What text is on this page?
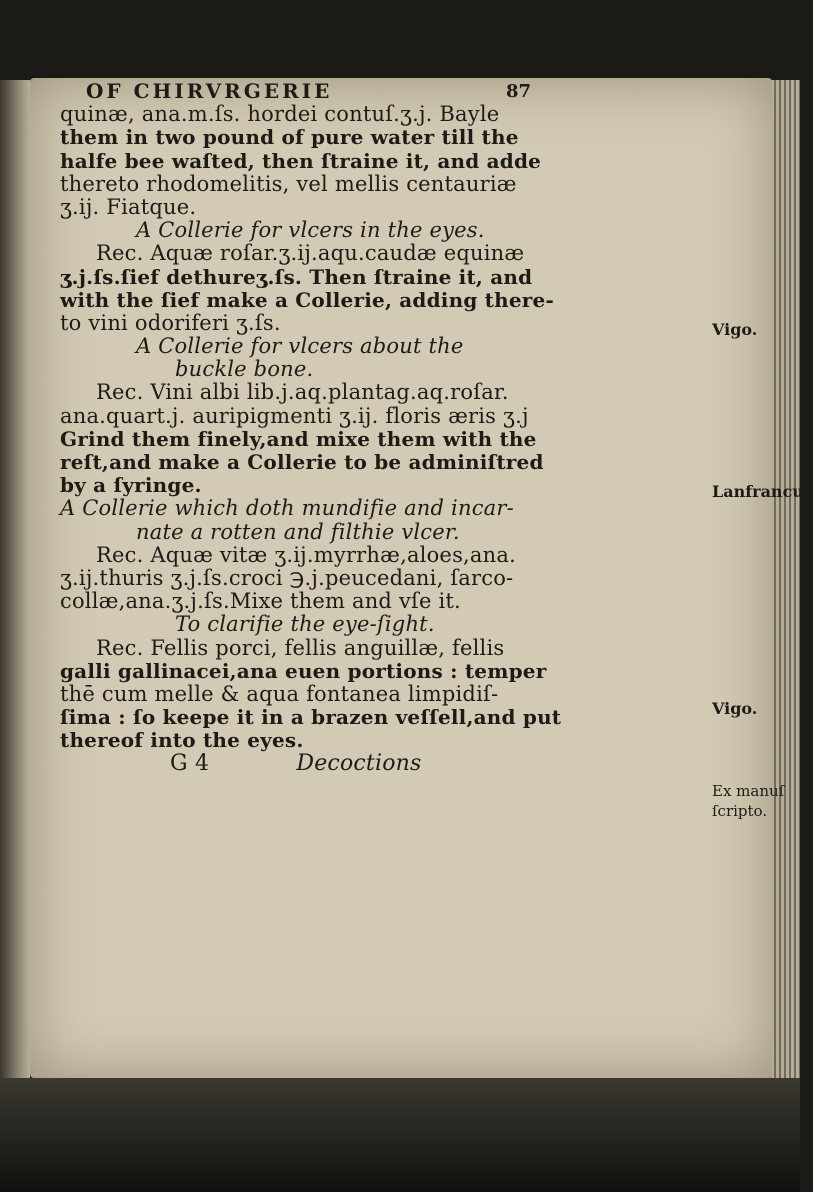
OF CHIRVRGERIE	87
quinæ, ana.m.ſs. hordei contuſ.ʒ.j. Bayle
them in two pound of pure water till the
halfe bee waſted, then ſtraine it, and adde
thereto rhodomelitis, vel mellis centauriæ
ʒ.ij. Fiatque.
A Collerie for vlcers in the eyes.
Rec. Aquæ roſar.ʒ.ij.aqu.caudæ equinæ
ʒ.j.ſs.ſief dethureʒ.ſs. Then ſtraine it, and
with the ſief make a Collerie, adding there-
to vini odoriferi ʒ.ſs.
A Collerie for vlcers about the
buckle bone.
Rec. Vini albi lib.j.aq.plantag.aq.roſar.
ana.quart.j. auripigmenti ʒ.ij. floris æris ʒ.j
Grind them finely,and mixe them with the
reſt,and make a Collerie to be adminiſtred
by a ſyringe.
A Collerie which doth mundifie and incar-
nate a rotten and filthie vlcer.
Rec. Aquæ vitæ ʒ.ij.myrrhæ,aloes,ana.
ʒ.ij.thuris ʒ.j.ſs.croci ℈.j.peucedani, ſarco-
collæ,ana.ʒ.j.ſs.Mixe them and vſe it.
To clarifie the eye-ſight.
Rec. Fellis porci, fellis anguillæ, fellis
galli gallinacei,ana euen portions : temper
thē cum melle & aqua fontanea limpidiſ-
ſima : ſo keepe it in a brazen veſſell,and put
thereof into the eyes.
G 4	Decoctions
Vigo.
Lanfrancus
Vigo.
Ex manuſ
ſcripto.
